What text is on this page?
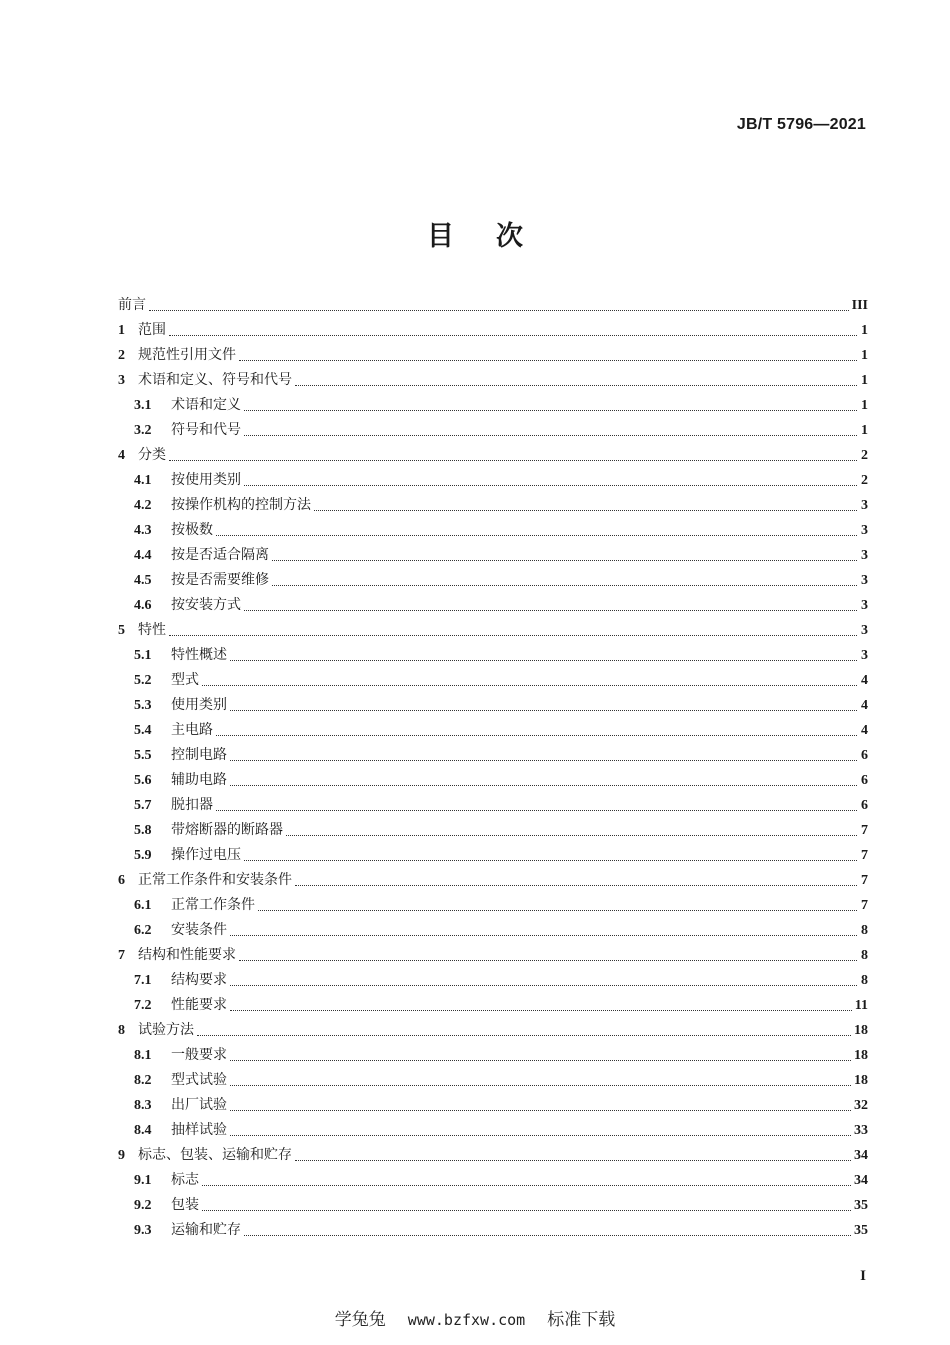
JB/T 5796—2021
目次
前言	III
1 范围	1
2 规范性引用文件	1
3 术语和定义、符号和代号	1
3.1	术语和定义	1
3.2	符号和代号	1
4 分类	2
4.1	按使用类别	2
4.2	按操作机构的控制方法	3
4.3	按极数	3
4.4	按是否适合隔离	3
4.5	按是否需要维修	3
4.6	按安装方式	3
5 特性	3
5.1	特性概述	3
5.2	型式	4
5.3	使用类别	4
5.4	主电路	4
5.5	控制电路	6
5.6	辅助电路	6
5.7	脱扣器	6
5.8	带熔断器的断路器	7
5.9	操作过电压	7
6 正常工作条件和安装条件	7
6.1	正常工作条件	7
6.2	安装条件	8
7 结构和性能要求	8
7.1	结构要求	8
7.2	性能要求	11
8 试验方法	18
8.1	一般要求	18
8.2	型式试验	18
8.3	出厂试验	32
8.4	抽样试验	33
9 标志、包装、运输和贮存	34
9.1	标志	34
9.2	包装	35
9.3	运输和贮存	35
I
学兔兔 www.bzfxw.com 标准下载
